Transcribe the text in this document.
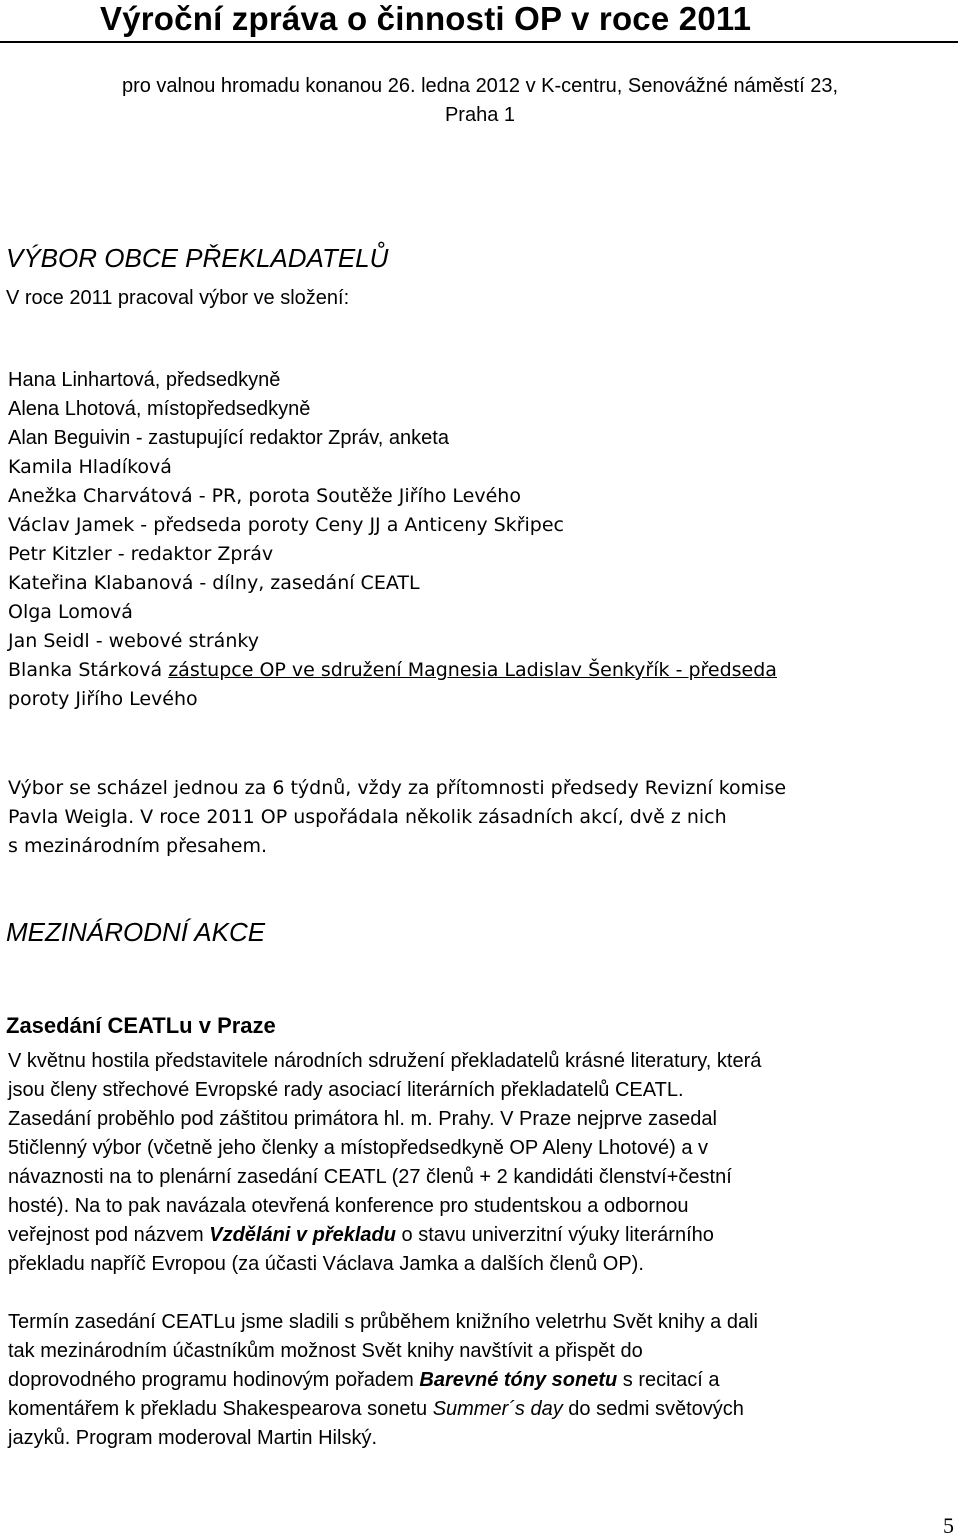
Výroční zpráva o činnosti OP v roce 2011
pro valnou hromadu konanou 26. ledna 2012 v K-centru, Senovážné náměstí 23,
Praha 1
VÝBOR OBCE PŘEKLADATELŮ

V roce 2011 pracoval výbor ve složení:

Hana Linhartová, předsedkyně
Alena Lhotová, místopředsedkyně
Alan Beguivin - zastupující redaktor Zpráv, anketa
Kamila Hladíková
Anežka Charvátová - PR, porota Soutěže Jiřího Levého
Václav Jamek - předseda poroty Ceny JJ a Anticeny Skřipec
Petr Kitzler - redaktor Zpráv
Kateřina Klabanová - dílny, zasedání CEATL
Olga Lomová
Jan Seidl - webové stránky
Blanka Stárková zástupce OP ve sdružení Magnesia Ladislav Šenkyřík - předseda
poroty Jiřího Levého
Výbor se scházel jednou za 6 týdnů, vždy za přítomnosti předsedy Revizní komise
Pavla Weigla. V roce 2011 OP uspořádala několik zásadních akcí, dvě z nich
s mezinárodním přesahem.
MEZINÁRODNÍ AKCE
Zasedání CEATLu v Praze
V květnu hostila představitele národních sdružení překladatelů krásné literatury, která
jsou členy střechové Evropské rady asociací literárních překladatelů CEATL.
Zasedání proběhlo pod záštitou primátora hl. m. Prahy. V Praze nejprve zasedal
5tičlenný výbor (včetně jeho členky a místopředsedkyně OP Aleny Lhotové) a v
návaznosti na to plenární zasedání CEATL (27 členů + 2 kandidáti členství+čestní
hosté). Na to pak navázala otevřená konference pro studentskou a odbornou
veřejnost pod názvem Vzděláni v překladu o stavu univerzitní výuky literárního
překladu napříč Evropou (za účasti Václava Jamka a dalších členů OP).
Termín zasedání CEATLu jsme sladili s průběhem knižního veletrhu Svět knihy a dali
tak mezinárodním účastníkům možnost Svět knihy navštívit a přispět do
doprovodného programu hodinovým pořadem Barevné tóny sonetu s recitací a
komentářem k překladu Shakespearova sonetu Summer´s day do sedmi světových
jazyků. Program moderoval Martin Hilský.
5
